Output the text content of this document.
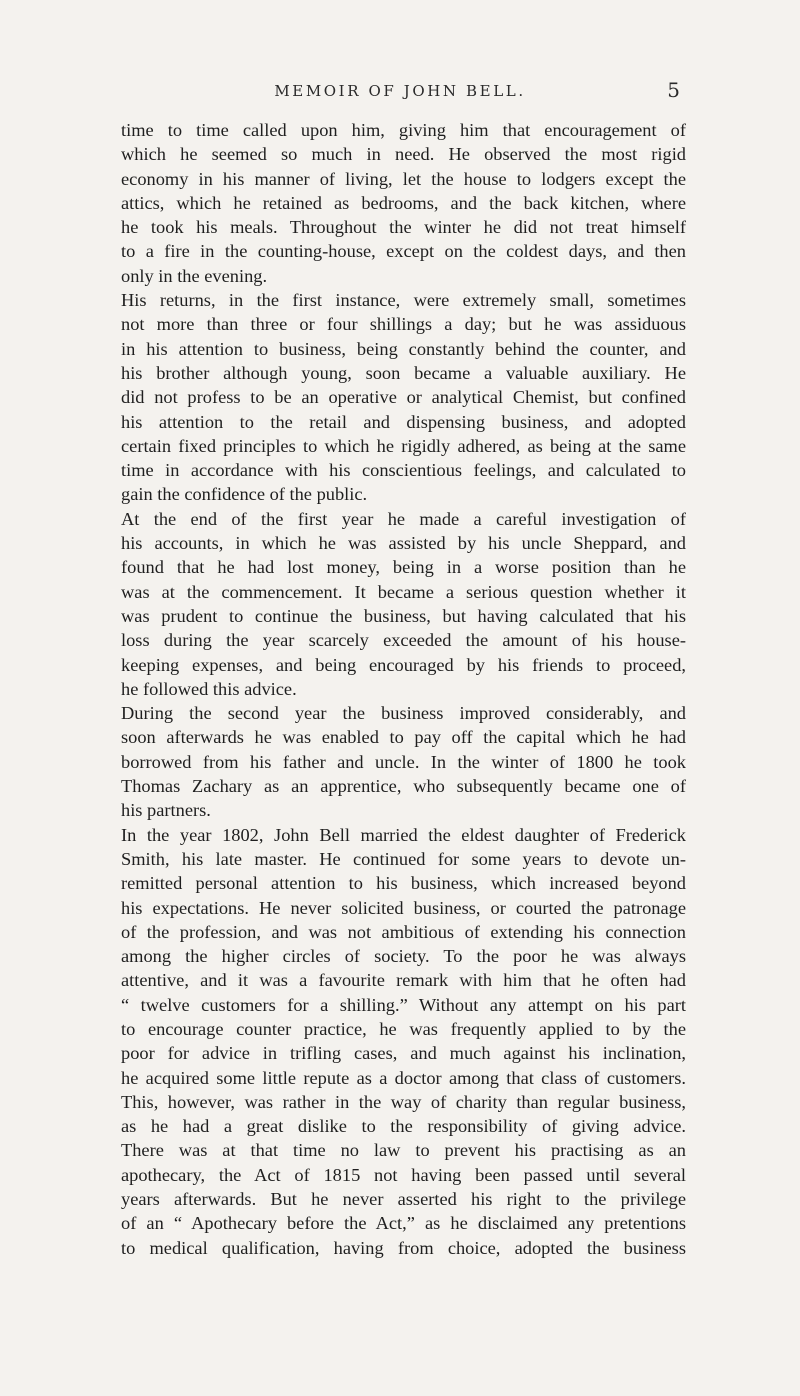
MEMOIR OF JOHN BELL.	5
time to time called upon him, giving him that encouragement of
which he seemed so much in need. He observed the most rigid
economy in his manner of living, let the house to lodgers except the
attics, which he retained as bedrooms, and the back kitchen, where
he took his meals. Throughout the winter he did not treat himself
to a fire in the counting-house, except on the coldest days, and then
only in the evening.
His returns, in the first instance, were extremely small, sometimes
not more than three or four shillings a day; but he was assiduous
in his attention to business, being constantly behind the counter, and
his brother although young, soon became a valuable auxiliary. He
did not profess to be an operative or analytical Chemist, but confined
his attention to the retail and dispensing business, and adopted
certain fixed principles to which he rigidly adhered, as being at the same
time in accordance with his conscientious feelings, and calculated to
gain the confidence of the public.
At the end of the first year he made a careful investigation of
his accounts, in which he was assisted by his uncle Sheppard, and
found that he had lost money, being in a worse position than he
was at the commencement. It became a serious question whether it
was prudent to continue the business, but having calculated that his
loss during the year scarcely exceeded the amount of his house-
keeping expenses, and being encouraged by his friends to proceed,
he followed this advice.
During the second year the business improved considerably, and
soon afterwards he was enabled to pay off the capital which he had
borrowed from his father and uncle. In the winter of 1800 he took
Thomas Zachary as an apprentice, who subsequently became one of
his partners.
In the year 1802, John Bell married the eldest daughter of Frederick
Smith, his late master. He continued for some years to devote un-
remitted personal attention to his business, which increased beyond
his expectations. He never solicited business, or courted the patronage
of the profession, and was not ambitious of extending his connection
among the higher circles of society. To the poor he was always
attentive, and it was a favourite remark with him that he often had
“ twelve customers for a shilling.” Without any attempt on his part
to encourage counter practice, he was frequently applied to by the
poor for advice in trifling cases, and much against his inclination,
he acquired some little repute as a doctor among that class of customers.
This, however, was rather in the way of charity than regular business,
as he had a great dislike to the responsibility of giving advice.
There was at that time no law to prevent his practising as an
apothecary, the Act of 1815 not having been passed until several
years afterwards. But he never asserted his right to the privilege
of an “ Apothecary before the Act,” as he disclaimed any pretentions
to medical qualification, having from choice, adopted the business
